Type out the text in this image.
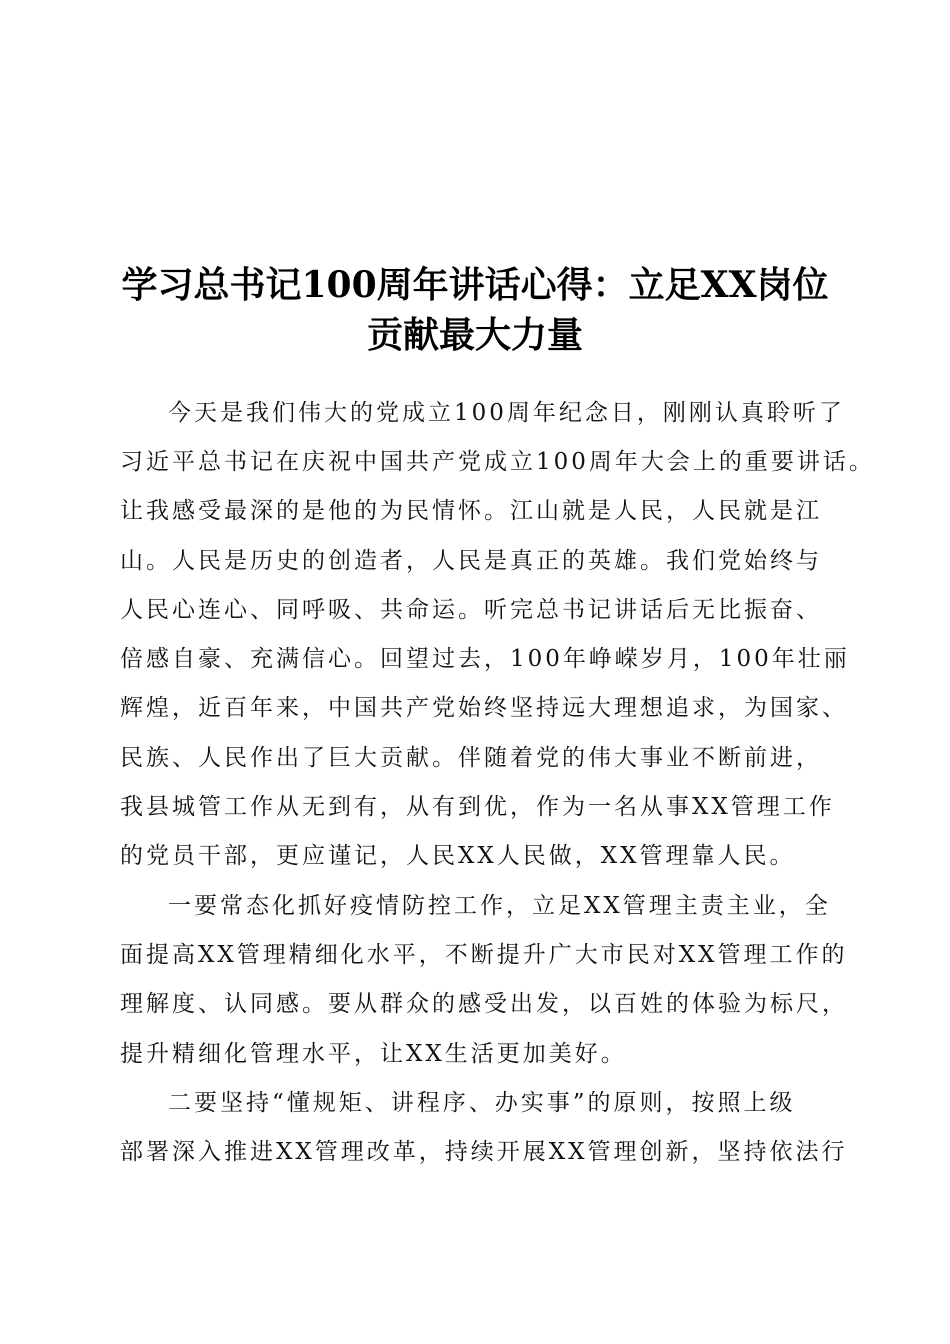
学习总书记100周年讲话心得：立足XX岗位
贡献最大力量
今天是我们伟大的党成立100周年纪念日，刚刚认真聆听了
习近平总书记在庆祝中国共产党成立100周年大会上的重要讲话。
让我感受最深的是他的为民情怀。江山就是人民，人民就是江
山。人民是历史的创造者，人民是真正的英雄。我们党始终与
人民心连心、同呼吸、共命运。听完总书记讲话后无比振奋、
倍感自豪、充满信心。回望过去，100年峥嵘岁月，100年壮丽
辉煌，近百年来，中国共产党始终坚持远大理想追求，为国家、
民族、人民作出了巨大贡献。伴随着党的伟大事业不断前进，
我县城管工作从无到有，从有到优，作为一名从事XX管理工作
的党员干部，更应谨记，人民XX人民做，XX管理靠人民。
一要常态化抓好疫情防控工作，立足XX管理主责主业，全
面提高XX管理精细化水平，不断提升广大市民对XX管理工作的
理解度、认同感。要从群众的感受出发，以百姓的体验为标尺，
提升精细化管理水平，让XX生活更加美好。
二要坚持“懂规矩、讲程序、办实事”的原则，按照上级
部署深入推进XX管理改革，持续开展XX管理创新，坚持依法行
